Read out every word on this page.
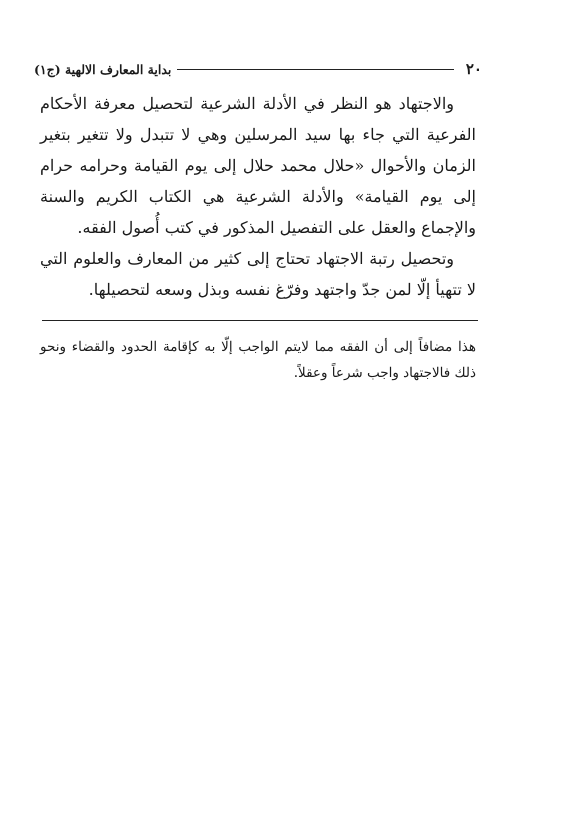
٢٠
بداية المعارف الالهية (ج١)

والاجتهاد هو النظر في الأدلة الشرعية لتحصيل معرفة الأحكام الفرعية التي جاء بها سيد المرسلين وهي لا تتبدل ولا تتغير بتغير الزمان والأحوال «حلال محمد حلال إلى يوم القيامة وحرامه حرام إلى يوم القيامة» والأدلة الشرعية هي الكتاب الكريم والسنة والإجماع والعقل على التفصيل المذكور في كتب أُصول الفقه.

وتحصيل رتبة الاجتهاد تحتاج إلى كثير من المعارف والعلوم التي لا تتهيأ إلّا لمن جدّ واجتهد وفرّغ نفسه وبذل وسعه لتحصيلها.

هذا مضافاً إلى أن الفقه مما لايتم الواجب إلّا به كإقامة الحدود والقضاء ونحو ذلك فالاجتهاد واجب شرعاً وعقلاً.
